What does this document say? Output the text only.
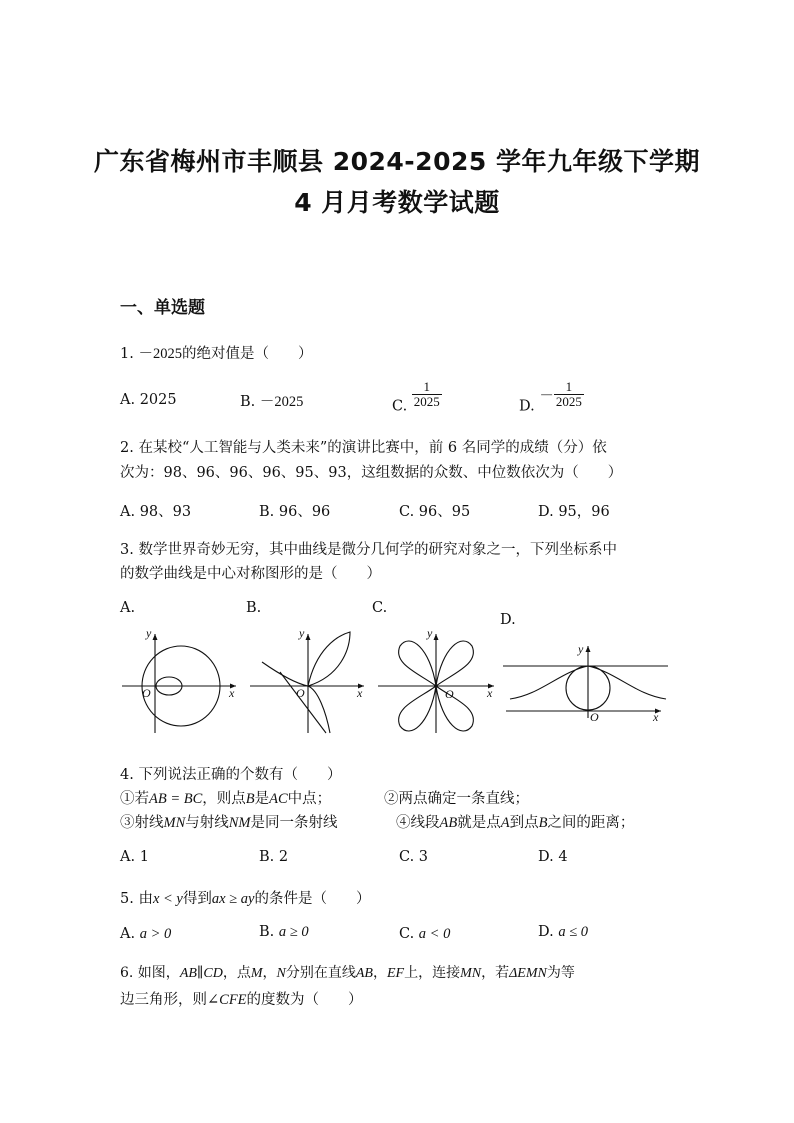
广东省梅州市丰顺县 2024-2025 学年九年级下学期
4 月月考数学试题
一、单选题
1. －2025的绝对值是（　　）
A. 2025	B. －2025	C. $\frac{1}{2025}$	D. － $\frac{1}{2025}$
2. 在某校“人工智能与人类未来”的演讲比赛中，前 6 名同学的成绩（分）依
次为：98、96、96、96、95、93，这组数据的众数、中位数依次为（　　）
A. 98、93	B. 96、96	C. 96、95	D. 95，96
3. 数学世界奇妙无穷，其中曲线是微分几何学的研究对象之一，下列坐标系中
的数学曲线是中心对称图形的是（　　）
A.	B.	C.
D.
x
y
O	x
y
O	x
y
O
x
y
O
4. 下列说法正确的个数有（　　）
①若AB = BC，则点B是AC中点；	②两点确定一条直线；
③射线MN与射线NM是同一条射线	④线段AB就是点A到点B之间的距离；
A. 1	B. 2	C. 3	D. 4
5. 由x < y得到ax ≥ ay的条件是（　　）
A. a > 0	B. a ≥ 0	C. a < 0	D. a ≤ 0
6. 如图，AB∥CD，点M，N分别在直线AB，EF上，连接MN，若ΔEMN为等
边三角形，则∠CFE的度数为（　　）
